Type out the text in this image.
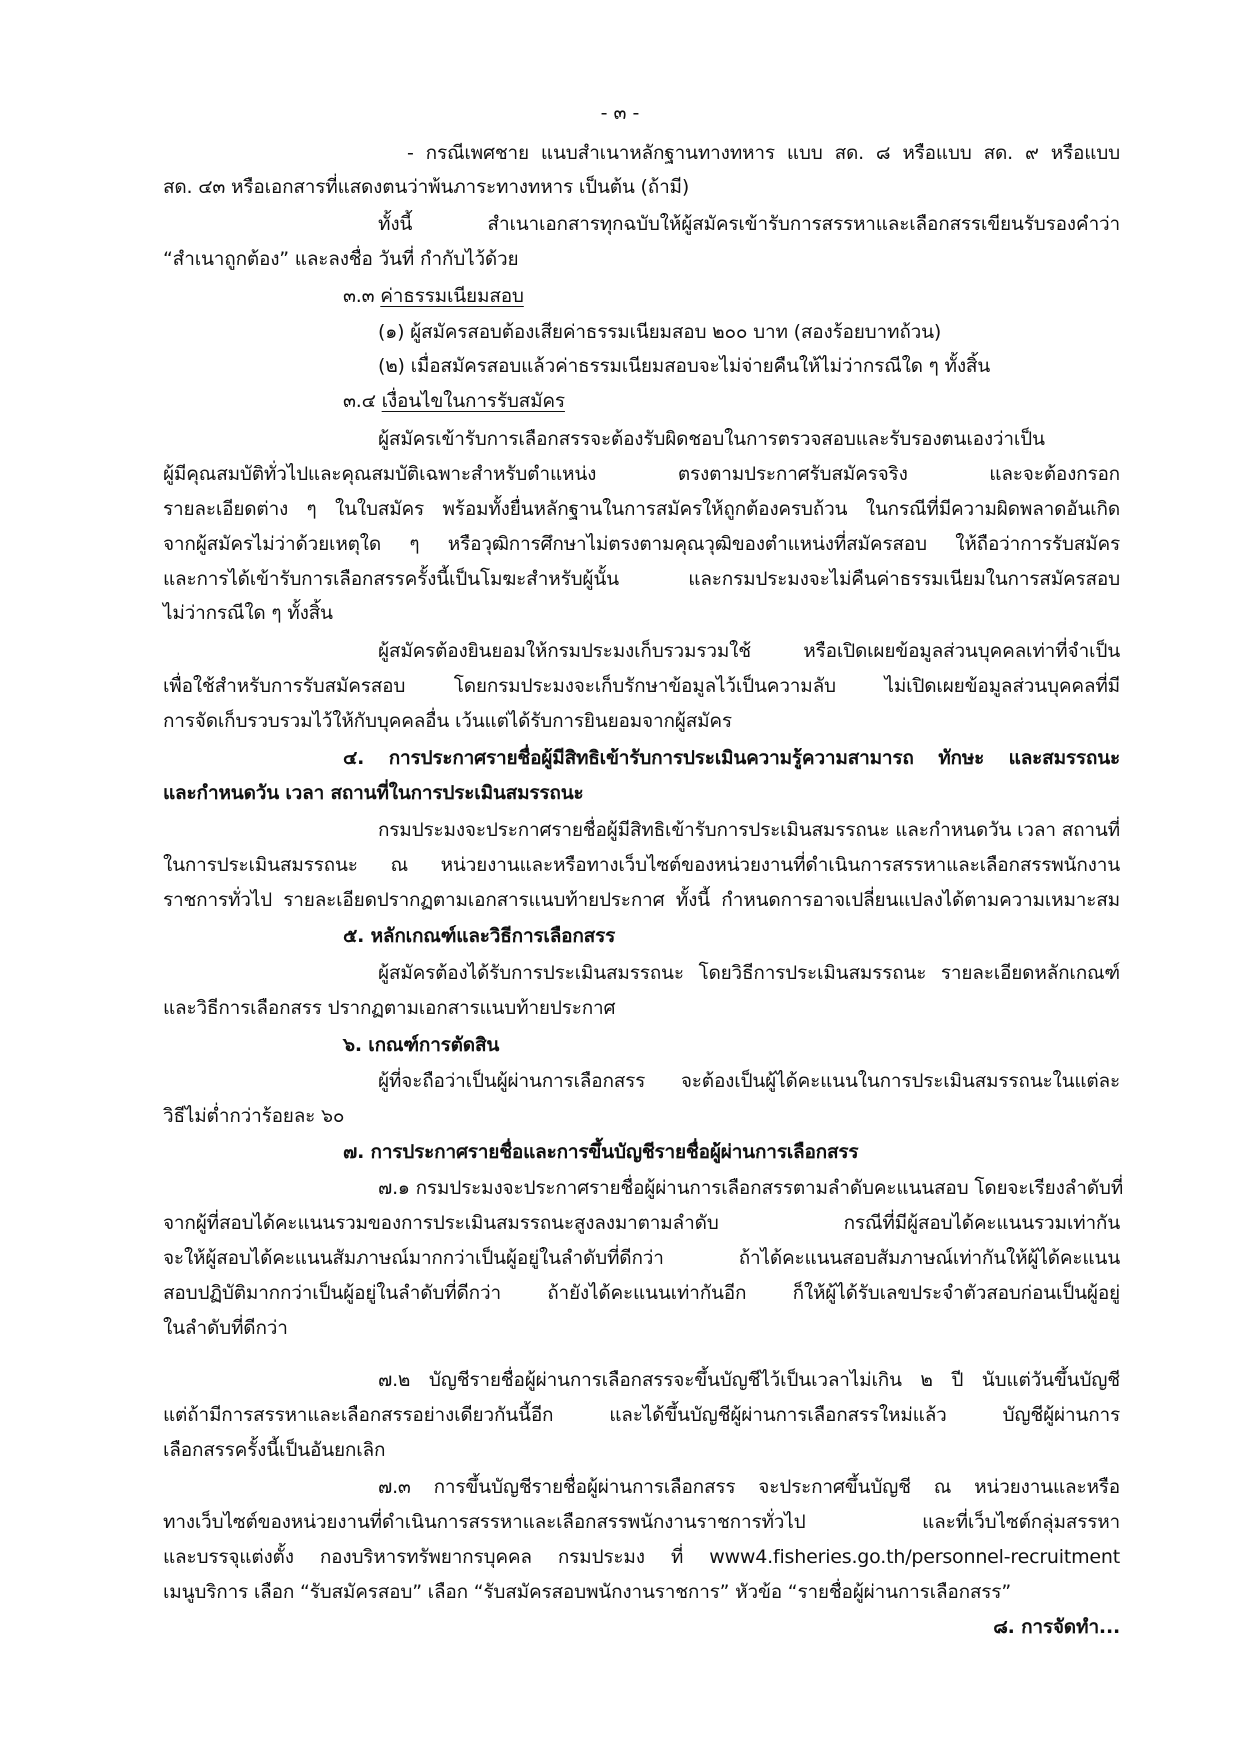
- ๓ -
- กรณีเพศชาย แนบสำเนาหลักฐานทางทหาร แบบ สด. ๘ หรือแบบ สด. ๙ หรือแบบ
สด. ๔๓ หรือเอกสารที่แสดงตนว่าพ้นภาระทางทหาร เป็นต้น (ถ้ามี)
ทั้งนี้ สำเนาเอกสารทุกฉบับให้ผู้สมัครเข้ารับการสรรหาและเลือกสรรเขียนรับรองคำว่า
“สำเนาถูกต้อง” และลงชื่อ วันที่ กำกับไว้ด้วย
๓.๓ ค่าธรรมเนียมสอบ
(๑) ผู้สมัครสอบต้องเสียค่าธรรมเนียมสอบ ๒๐๐ บาท (สองร้อยบาทถ้วน)
(๒) เมื่อสมัครสอบแล้วค่าธรรมเนียมสอบจะไม่จ่ายคืนให้ไม่ว่ากรณีใด ๆ ทั้งสิ้น
๓.๔ เงื่อนไขในการรับสมัคร
ผู้สมัครเข้ารับการเลือกสรรจะต้องรับผิดชอบในการตรวจสอบและรับรองตนเองว่าเป็น
ผู้มีคุณสมบัติทั่วไปและคุณสมบัติเฉพาะสำหรับตำแหน่ง ตรงตามประกาศรับสมัครจริง และจะต้องกรอก
รายละเอียดต่าง ๆ ในใบสมัคร พร้อมทั้งยื่นหลักฐานในการสมัครให้ถูกต้องครบถ้วน ในกรณีที่มีความผิดพลาดอันเกิด
จากผู้สมัครไม่ว่าด้วยเหตุใด ๆ หรือวุฒิการศึกษาไม่ตรงตามคุณวุฒิของตำแหน่งที่สมัครสอบ ให้ถือว่าการรับสมัคร
และการได้เข้ารับการเลือกสรรครั้งนี้เป็นโมฆะสำหรับผู้นั้น และกรมประมงจะไม่คืนค่าธรรมเนียมในการสมัครสอบ
ไม่ว่ากรณีใด ๆ ทั้งสิ้น
ผู้สมัครต้องยินยอมให้กรมประมงเก็บรวมรวมใช้ หรือเปิดเผยข้อมูลส่วนบุคคลเท่าที่จำเป็น
เพื่อใช้สำหรับการรับสมัครสอบ โดยกรมประมงจะเก็บรักษาข้อมูลไว้เป็นความลับ ไม่เปิดเผยข้อมูลส่วนบุคคลที่มี
การจัดเก็บรวบรวมไว้ให้กับบุคคลอื่น เว้นแต่ได้รับการยินยอมจากผู้สมัคร
๔. การประกาศรายชื่อผู้มีสิทธิเข้ารับการประเมินความรู้ความสามารถ ทักษะ และสมรรถนะ
และกำหนดวัน เวลา สถานที่ในการประเมินสมรรถนะ
กรมประมงจะประกาศรายชื่อผู้มีสิทธิเข้ารับการประเมินสมรรถนะ และกำหนดวัน เวลา สถานที่
ในการประเมินสมรรถนะ ณ หน่วยงานและหรือทางเว็บไซต์ของหน่วยงานที่ดำเนินการสรรหาและเลือกสรรพนักงาน
ราชการทั่วไป รายละเอียดปรากฏตามเอกสารแนบท้ายประกาศ ทั้งนี้ กำหนดการอาจเปลี่ยนแปลงได้ตามความเหมาะสม
๕. หลักเกณฑ์และวิธีการเลือกสรร
ผู้สมัครต้องได้รับการประเมินสมรรถนะ โดยวิธีการประเมินสมรรถนะ รายละเอียดหลักเกณฑ์
และวิธีการเลือกสรร ปรากฏตามเอกสารแนบท้ายประกาศ
๖. เกณฑ์การตัดสิน
ผู้ที่จะถือว่าเป็นผู้ผ่านการเลือกสรร จะต้องเป็นผู้ได้คะแนนในการประเมินสมรรถนะในแต่ละ
วิธีไม่ต่ำกว่าร้อยละ ๖๐
๗. การประกาศรายชื่อและการขึ้นบัญชีรายชื่อผู้ผ่านการเลือกสรร
๗.๑ กรมประมงจะประกาศรายชื่อผู้ผ่านการเลือกสรรตามลำดับคะแนนสอบ โดยจะเรียงลำดับที่
จากผู้ที่สอบได้คะแนนรวมของการประเมินสมรรถนะสูงลงมาตามลำดับ กรณีที่มีผู้สอบได้คะแนนรวมเท่ากัน
จะให้ผู้สอบได้คะแนนสัมภาษณ์มากกว่าเป็นผู้อยู่ในลำดับที่ดีกว่า ถ้าได้คะแนนสอบสัมภาษณ์เท่ากันให้ผู้ได้คะแนน
สอบปฏิบัติมากกว่าเป็นผู้อยู่ในลำดับที่ดีกว่า ถ้ายังได้คะแนนเท่ากันอีก ก็ให้ผู้ได้รับเลขประจำตัวสอบก่อนเป็นผู้อยู่
ในลำดับที่ดีกว่า
๗.๒ บัญชีรายชื่อผู้ผ่านการเลือกสรรจะขึ้นบัญชีไว้เป็นเวลาไม่เกิน ๒ ปี นับแต่วันขึ้นบัญชี
แต่ถ้ามีการสรรหาและเลือกสรรอย่างเดียวกันนี้อีก และได้ขึ้นบัญชีผู้ผ่านการเลือกสรรใหม่แล้ว บัญชีผู้ผ่านการ
เลือกสรรครั้งนี้เป็นอันยกเลิก
๗.๓ การขึ้นบัญชีรายชื่อผู้ผ่านการเลือกสรร จะประกาศขึ้นบัญชี ณ หน่วยงานและหรือ
ทางเว็บไซต์ของหน่วยงานที่ดำเนินการสรรหาและเลือกสรรพนักงานราชการทั่วไป และที่เว็บไซต์กลุ่มสรรหา
และบรรจุแต่งตั้ง กองบริหารทรัพยากรบุคคล กรมประมง ที่ www4.fisheries.go.th/personnel-recruitment
เมนูบริการ เลือก “รับสมัครสอบ” เลือก “รับสมัครสอบพนักงานราชการ” หัวข้อ “รายชื่อผู้ผ่านการเลือกสรร”
๘. การจัดทำ...
